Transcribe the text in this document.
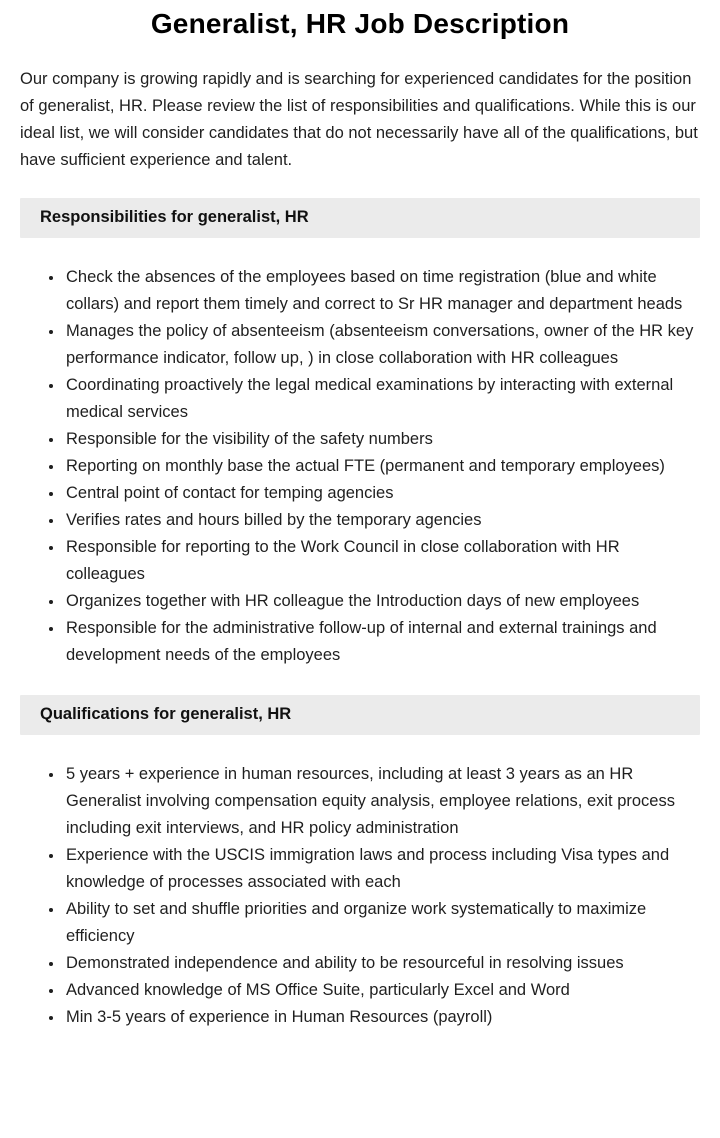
Generalist, HR Job Description

Our company is growing rapidly and is searching for experienced candidates for the position of generalist, HR. Please review the list of responsibilities and qualifications. While this is our ideal list, we will consider candidates that do not necessarily have all of the qualifications, but have sufficient experience and talent.

Responsibilities for generalist, HR
• Check the absences of the employees based on time registration (blue and white collars) and report them timely and correct to Sr HR manager and department heads
• Manages the policy of absenteeism (absenteeism conversations, owner of the HR key performance indicator, follow up, ) in close collaboration with HR colleagues
• Coordinating proactively the legal medical examinations by interacting with external medical services
• Responsible for the visibility of the safety numbers
• Reporting on monthly base the actual FTE (permanent and temporary employees)
• Central point of contact for temping agencies
• Verifies rates and hours billed by the temporary agencies
• Responsible for reporting to the Work Council in close collaboration with HR colleagues
• Organizes together with HR colleague the Introduction days of new employees
• Responsible for the administrative follow-up of internal and external trainings and development needs of the employees
Qualifications for generalist, HR
• 5 years + experience in human resources, including at least 3 years as an HR Generalist involving compensation equity analysis, employee relations, exit process including exit interviews, and HR policy administration
• Experience with the USCIS immigration laws and process including Visa types and knowledge of processes associated with each
• Ability to set and shuffle priorities and organize work systematically to maximize efficiency
• Demonstrated independence and ability to be resourceful in resolving issues
• Advanced knowledge of MS Office Suite, particularly Excel and Word
• Min 3-5 years of experience in Human Resources (payroll)
